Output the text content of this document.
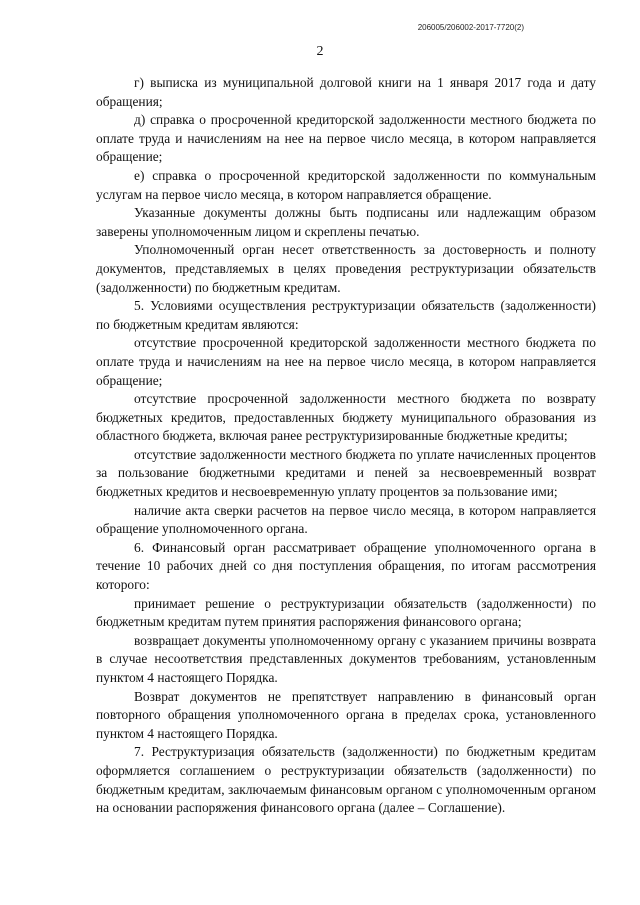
206005/206002-2017-7720(2)
2

г) выписка из муниципальной долговой книги на 1 января 2017 года и дату обращения;

д) справка о просроченной кредиторской задолженности местного бюджета по оплате труда и начислениям на нее на первое число месяца, в котором направляется обращение;

е) справка о просроченной кредиторской задолженности по коммунальным услугам на первое число месяца, в котором направляется обращение.

Указанные документы должны быть подписаны или надлежащим образом заверены уполномоченным лицом и скреплены печатью.

Уполномоченный орган несет ответственность за достоверность и полноту документов, представляемых в целях проведения реструктуризации обязательств (задолженности) по бюджетным кредитам.

5. Условиями осуществления реструктуризации обязательств (задолженности) по бюджетным кредитам являются:

отсутствие просроченной кредиторской задолженности местного бюджета по оплате труда и начислениям на нее на первое число месяца, в котором направляется обращение;

отсутствие просроченной задолженности местного бюджета по возврату бюджетных кредитов, предоставленных бюджету муниципального образования из областного бюджета, включая ранее реструктуризированные бюджетные кредиты;

отсутствие задолженности местного бюджета по уплате начисленных процентов за пользование бюджетными кредитами и пеней за несвоевременный возврат бюджетных кредитов и несвоевременную уплату процентов за пользование ими;

наличие акта сверки расчетов на первое число месяца, в котором направляется обращение уполномоченного органа.

6. Финансовый орган рассматривает обращение уполномоченного органа в течение 10 рабочих дней со дня поступления обращения, по итогам рассмотрения которого:

принимает решение о реструктуризации обязательств (задолженности) по бюджетным кредитам путем принятия распоряжения финансового органа;

возвращает документы уполномоченному органу с указанием причины возврата в случае несоответствия представленных документов требованиям, установленным пунктом 4 настоящего Порядка.

Возврат документов не препятствует направлению в финансовый орган повторного обращения уполномоченного органа в пределах срока, установленного пунктом 4 настоящего Порядка.

7. Реструктуризация обязательств (задолженности) по бюджетным кредитам оформляется соглашением о реструктуризации обязательств (задолженности) по бюджетным кредитам, заключаемым финансовым органом с уполномоченным органом на основании распоряжения финансового органа (далее – Соглашение).
